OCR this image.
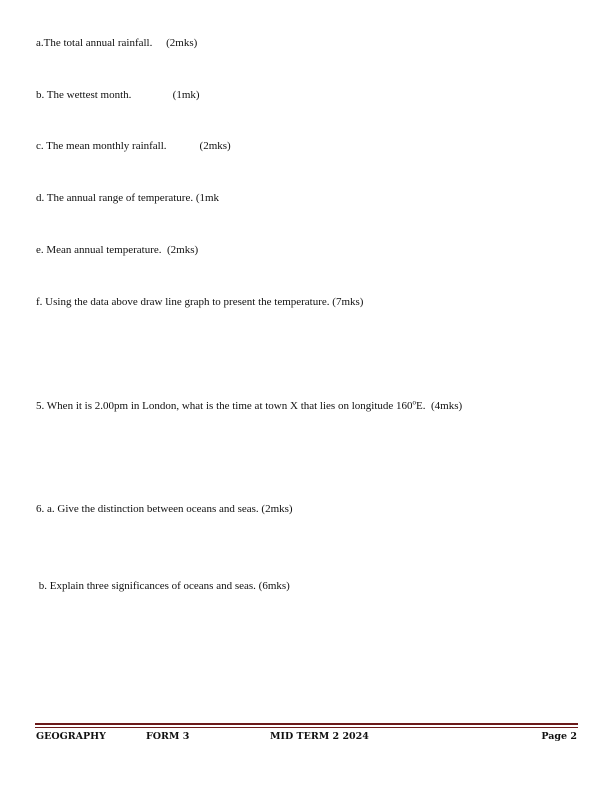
a.The total annual rainfall.     (2mks)

b. The wettest month.               (1mk)

c. The mean monthly rainfall.            (2mks)

d. The annual range of temperature. (1mk

e. Mean annual temperature.  (2mks)

f. Using the data above draw line graph to present the temperature. (7mks)

5. When it is 2.00pm in London, what is the time at town X that lies on longitude 160$^o$E.  (4mks)

6. a. Give the distinction between oceans and seas. (2mks)

b. Explain three significances of oceans and seas. (6mks)

GEOGRAPHY	FORM 3	MID TERM 2 2024	Page 2
